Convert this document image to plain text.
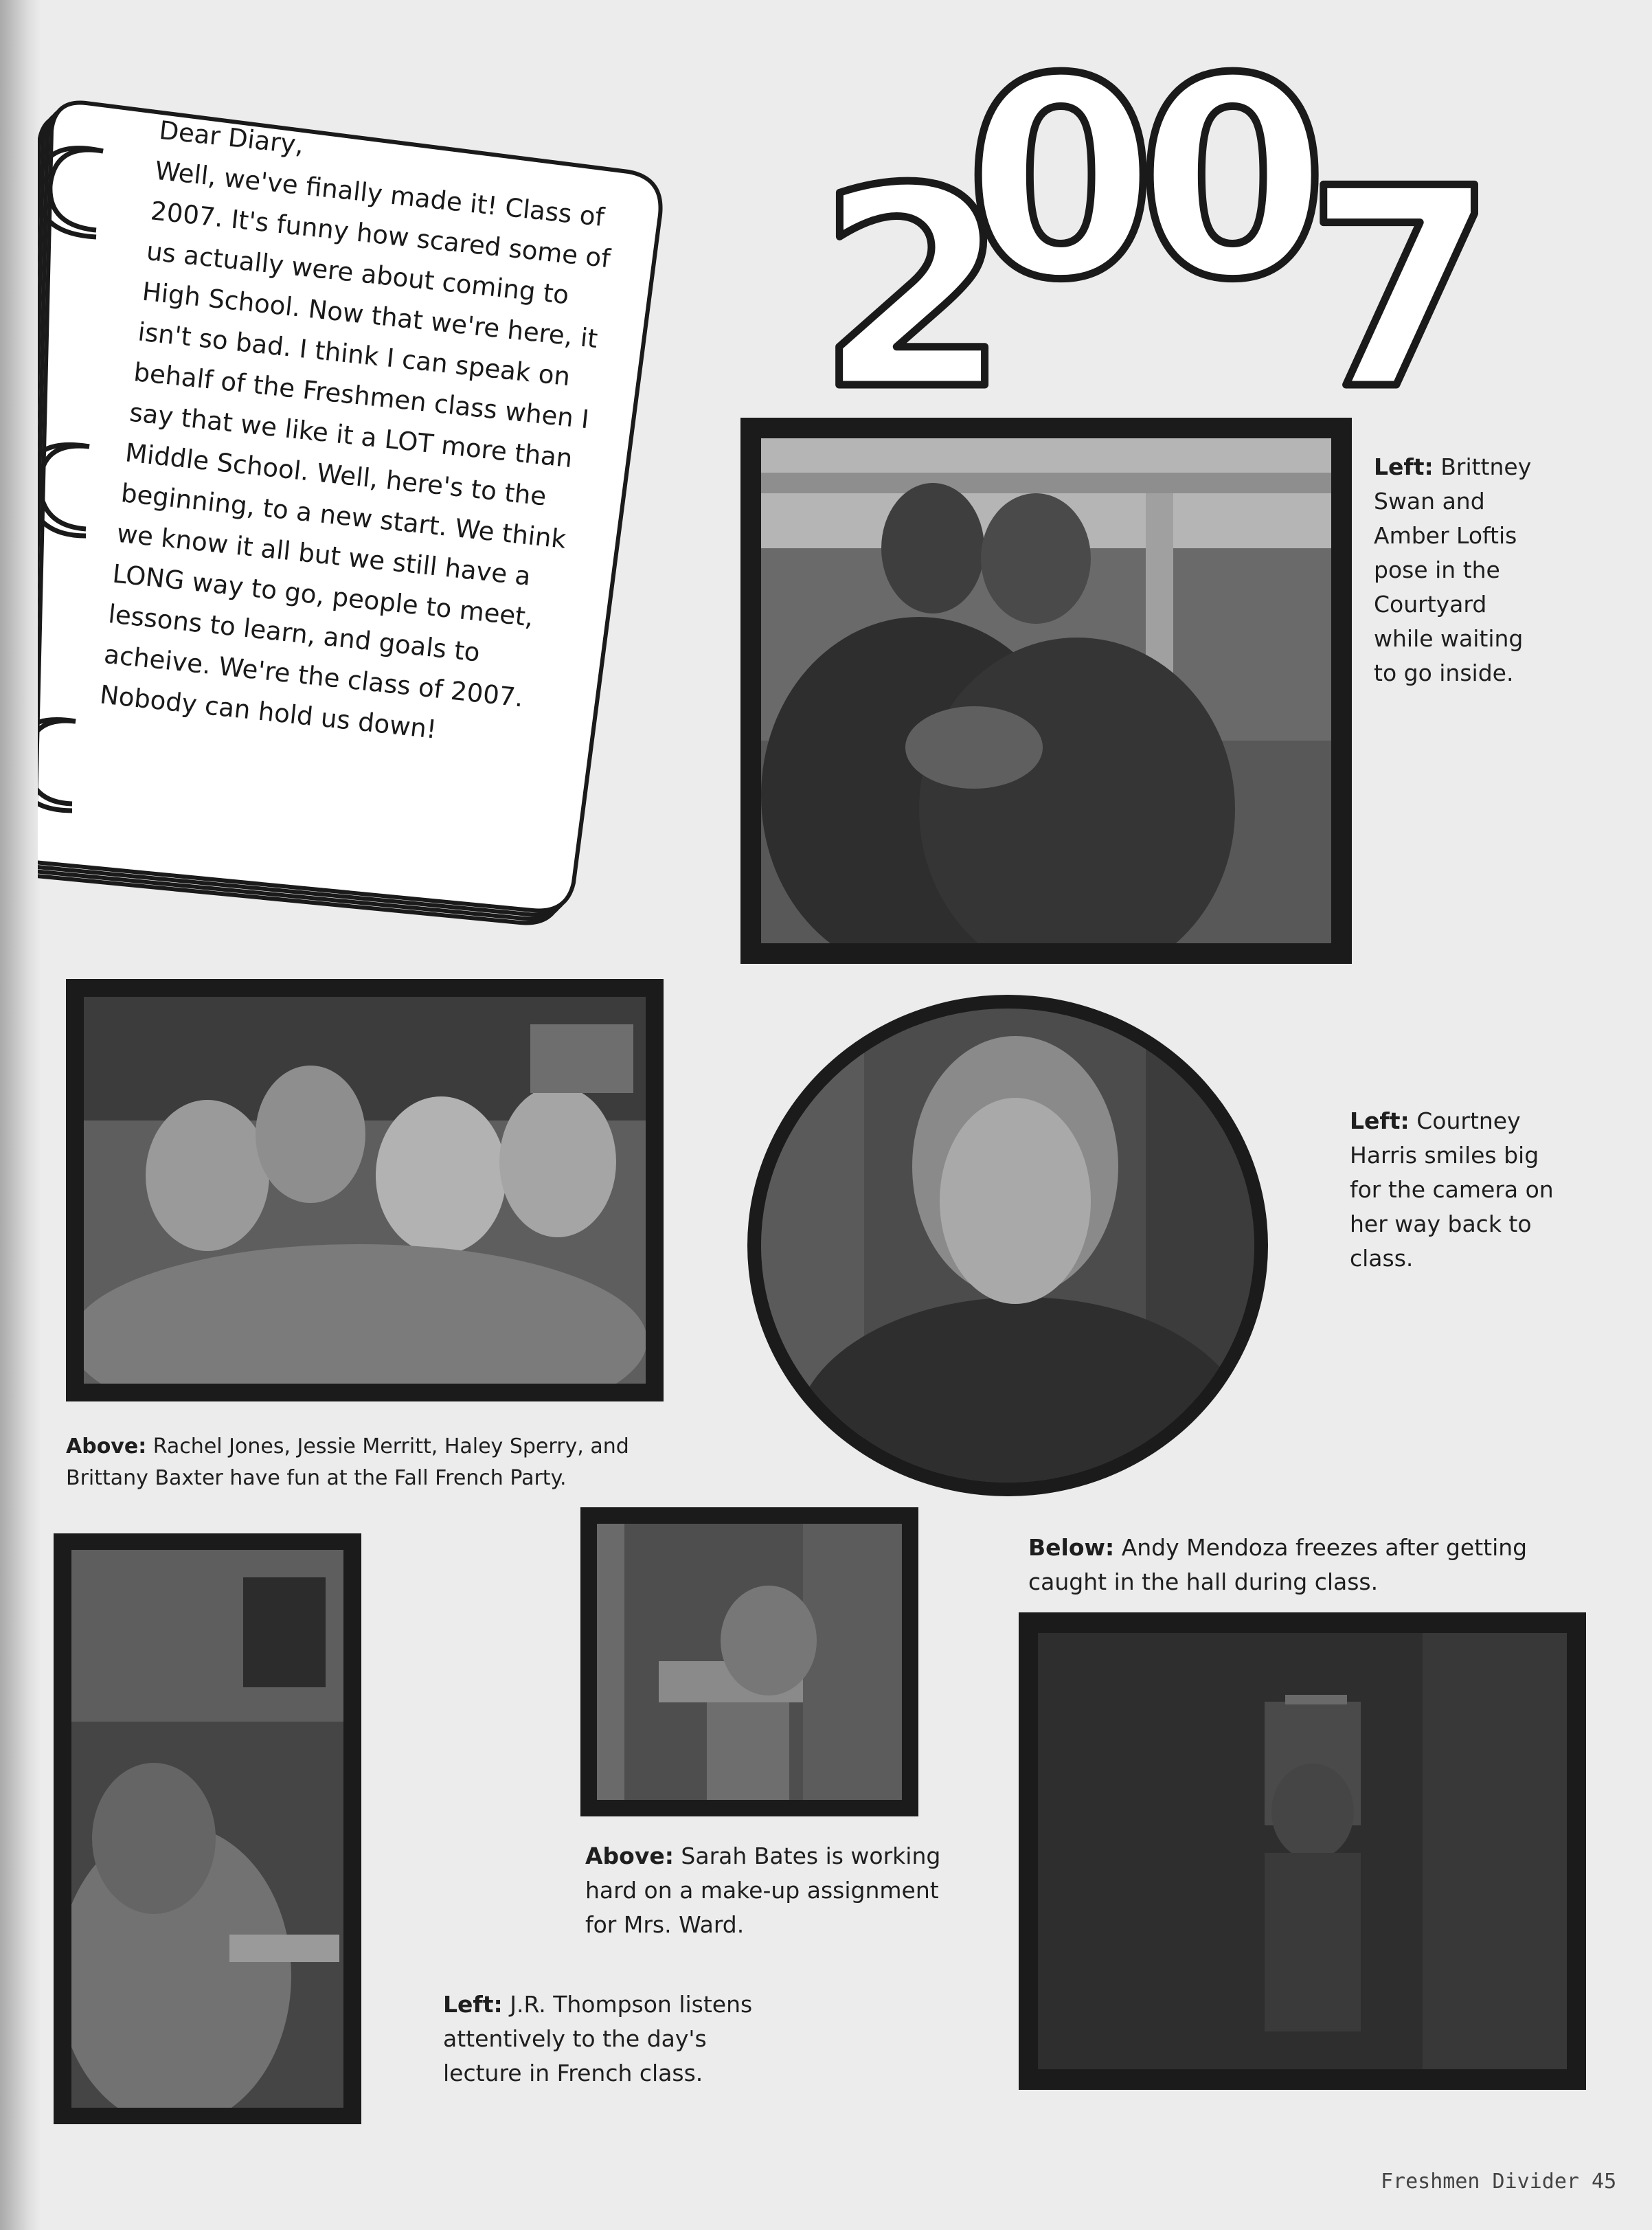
Dear Diary,
Well, we've finally made it! Class of 2007. It's funny how scared some of us actually were about coming to High School. Now that we're here, it isn't so bad. I think I can speak on behalf of the Freshmen class when I say that we like it a LOT more than Middle School. Well, here's to the beginning, to a new start. We think we know it all but we still have a LONG way to go, people to meet, lessons to learn, and goals to acheive. We're the class of 2007. Nobody can hold us down!
2
0
0
7
Left: Brittney Swan and Amber Loftis pose in the Courtyard while waiting to go inside.
Left: Courtney Harris smiles big for the camera on her way back to class.
Above: Rachel Jones, Jessie Merritt, Haley Sperry, and Brittany Baxter have fun at the Fall French Party.
Below: Andy Mendoza freezes after getting caught in the hall during class.
Above: Sarah Bates is working hard on a make-up assignment for Mrs. Ward.
Left: J.R. Thompson listens attentively to the day's lecture in French class.
Freshmen Divider 45
